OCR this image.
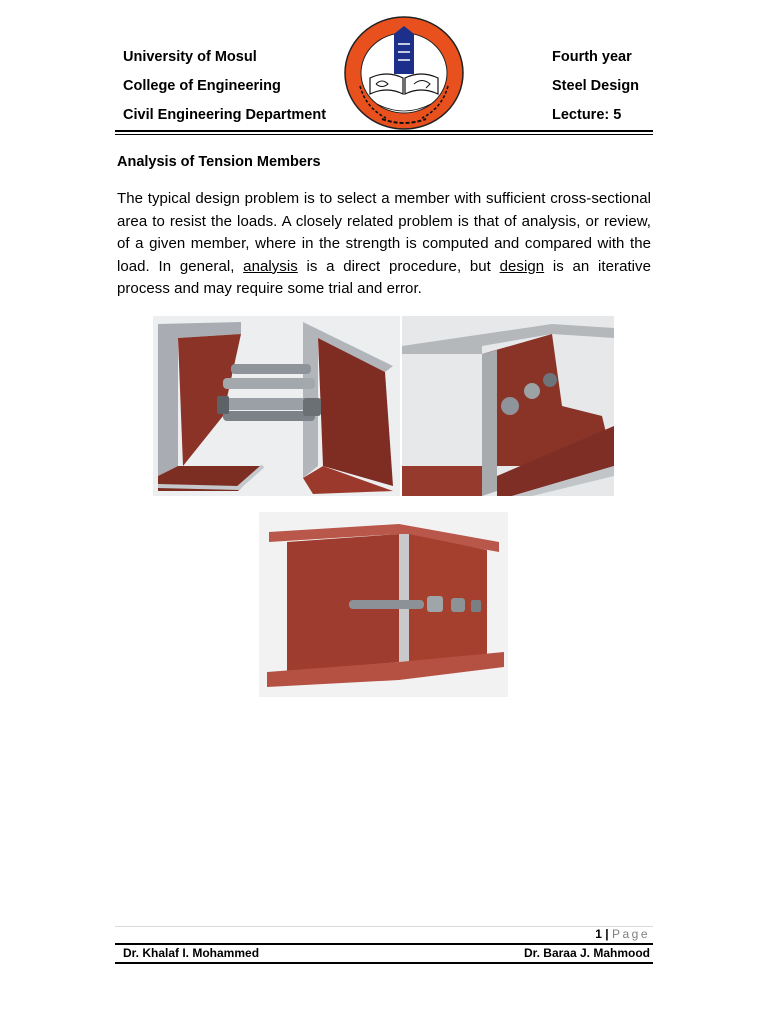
University of Mosul
College of Engineering
Civil Engineering Department
Fourth year
Steel Design
Lecture: 5
Analysis of Tension Members
The typical design problem is to select a member with sufficient cross-sectional area to resist the loads. A closely related problem is that of analysis, or review, of a given member, where in the strength is computed and compared with the load. In general, analysis is a direct procedure, but design is an iterative process and may require some trial and error.
1 | Page
Dr. Khalaf I. Mohammed	Dr. Baraa J. Mahmood
